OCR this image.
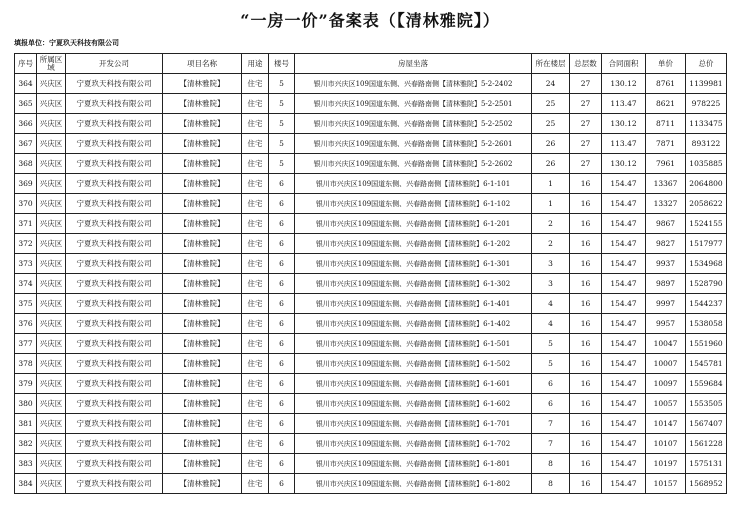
“一房一价”备案表（【清林雅院】）
填报单位：宁夏玖天科技有限公司
序号	所属区域	开发公司	项目名称	用途	楼号	房屋坐落	所在楼层	总层数	合同面积	单价	总价
364	兴庆区	宁夏玖天科技有限公司	【清林雅院】	住宅	5	银川市兴庆区109国道东侧、兴春路南侧【清林雅院】5-2-2402	24	27	130.12	8761	1139981
365	兴庆区	宁夏玖天科技有限公司	【清林雅院】	住宅	5	银川市兴庆区109国道东侧、兴春路南侧【清林雅院】5-2-2501	25	27	113.47	8621	978225
366	兴庆区	宁夏玖天科技有限公司	【清林雅院】	住宅	5	银川市兴庆区109国道东侧、兴春路南侧【清林雅院】5-2-2502	25	27	130.12	8711	1133475
367	兴庆区	宁夏玖天科技有限公司	【清林雅院】	住宅	5	银川市兴庆区109国道东侧、兴春路南侧【清林雅院】5-2-2601	26	27	113.47	7871	893122
368	兴庆区	宁夏玖天科技有限公司	【清林雅院】	住宅	5	银川市兴庆区109国道东侧、兴春路南侧【清林雅院】5-2-2602	26	27	130.12	7961	1035885
369	兴庆区	宁夏玖天科技有限公司	【清林雅院】	住宅	6	银川市兴庆区109国道东侧、兴春路南侧【清林雅院】6-1-101	1	16	154.47	13367	2064800
370	兴庆区	宁夏玖天科技有限公司	【清林雅院】	住宅	6	银川市兴庆区109国道东侧、兴春路南侧【清林雅院】6-1-102	1	16	154.47	13327	2058622
371	兴庆区	宁夏玖天科技有限公司	【清林雅院】	住宅	6	银川市兴庆区109国道东侧、兴春路南侧【清林雅院】6-1-201	2	16	154.47	9867	1524155
372	兴庆区	宁夏玖天科技有限公司	【清林雅院】	住宅	6	银川市兴庆区109国道东侧、兴春路南侧【清林雅院】6-1-202	2	16	154.47	9827	1517977
373	兴庆区	宁夏玖天科技有限公司	【清林雅院】	住宅	6	银川市兴庆区109国道东侧、兴春路南侧【清林雅院】6-1-301	3	16	154.47	9937	1534968
374	兴庆区	宁夏玖天科技有限公司	【清林雅院】	住宅	6	银川市兴庆区109国道东侧、兴春路南侧【清林雅院】6-1-302	3	16	154.47	9897	1528790
375	兴庆区	宁夏玖天科技有限公司	【清林雅院】	住宅	6	银川市兴庆区109国道东侧、兴春路南侧【清林雅院】6-1-401	4	16	154.47	9997	1544237
376	兴庆区	宁夏玖天科技有限公司	【清林雅院】	住宅	6	银川市兴庆区109国道东侧、兴春路南侧【清林雅院】6-1-402	4	16	154.47	9957	1538058
377	兴庆区	宁夏玖天科技有限公司	【清林雅院】	住宅	6	银川市兴庆区109国道东侧、兴春路南侧【清林雅院】6-1-501	5	16	154.47	10047	1551960
378	兴庆区	宁夏玖天科技有限公司	【清林雅院】	住宅	6	银川市兴庆区109国道东侧、兴春路南侧【清林雅院】6-1-502	5	16	154.47	10007	1545781
379	兴庆区	宁夏玖天科技有限公司	【清林雅院】	住宅	6	银川市兴庆区109国道东侧、兴春路南侧【清林雅院】6-1-601	6	16	154.47	10097	1559684
380	兴庆区	宁夏玖天科技有限公司	【清林雅院】	住宅	6	银川市兴庆区109国道东侧、兴春路南侧【清林雅院】6-1-602	6	16	154.47	10057	1553505
381	兴庆区	宁夏玖天科技有限公司	【清林雅院】	住宅	6	银川市兴庆区109国道东侧、兴春路南侧【清林雅院】6-1-701	7	16	154.47	10147	1567407
382	兴庆区	宁夏玖天科技有限公司	【清林雅院】	住宅	6	银川市兴庆区109国道东侧、兴春路南侧【清林雅院】6-1-702	7	16	154.47	10107	1561228
383	兴庆区	宁夏玖天科技有限公司	【清林雅院】	住宅	6	银川市兴庆区109国道东侧、兴春路南侧【清林雅院】6-1-801	8	16	154.47	10197	1575131
384	兴庆区	宁夏玖天科技有限公司	【清林雅院】	住宅	6	银川市兴庆区109国道东侧、兴春路南侧【清林雅院】6-1-802	8	16	154.47	10157	1568952
